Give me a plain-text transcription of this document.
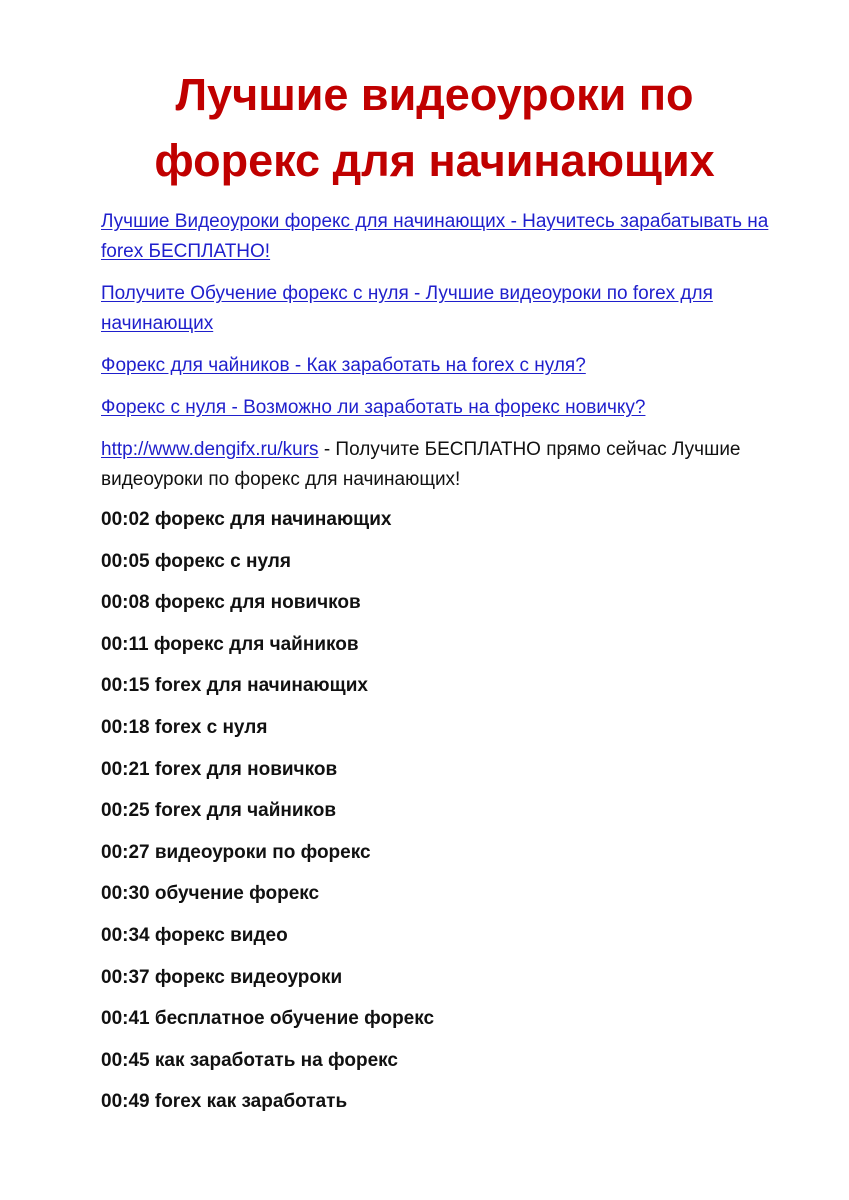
Лучшие видеоуроки по
форекс для начинающих
Лучшие Видеоуроки форекс для начинающих - Научитесь зарабатывать на forex БЕСПЛАТНО!
Получите Обучение форекс с нуля - Лучшие видеоуроки по forex для начинающих
Форекс для чайников - Как заработать на forex с нуля?
Форекс с нуля - Возможно ли заработать на форекс новичку?

http://www.dengifx.ru/kurs - Получите БЕСПЛАТНО прямо сейчас Лучшие видеоуроки по форекс для начинающих!

00:02 форекс для начинающих
00:05 форекс с нуля
00:08 форекс для новичков
00:11 форекс для чайников
00:15 forex для начинающих
00:18 forex с нуля
00:21 forex для новичков
00:25 forex для чайников
00:27 видеоуроки по форекс
00:30 обучение форекс
00:34 форекс видео
00:37 форекс видеоуроки
00:41 бесплатное обучение форекс
00:45 как заработать на форекс
00:49 forex как заработать
